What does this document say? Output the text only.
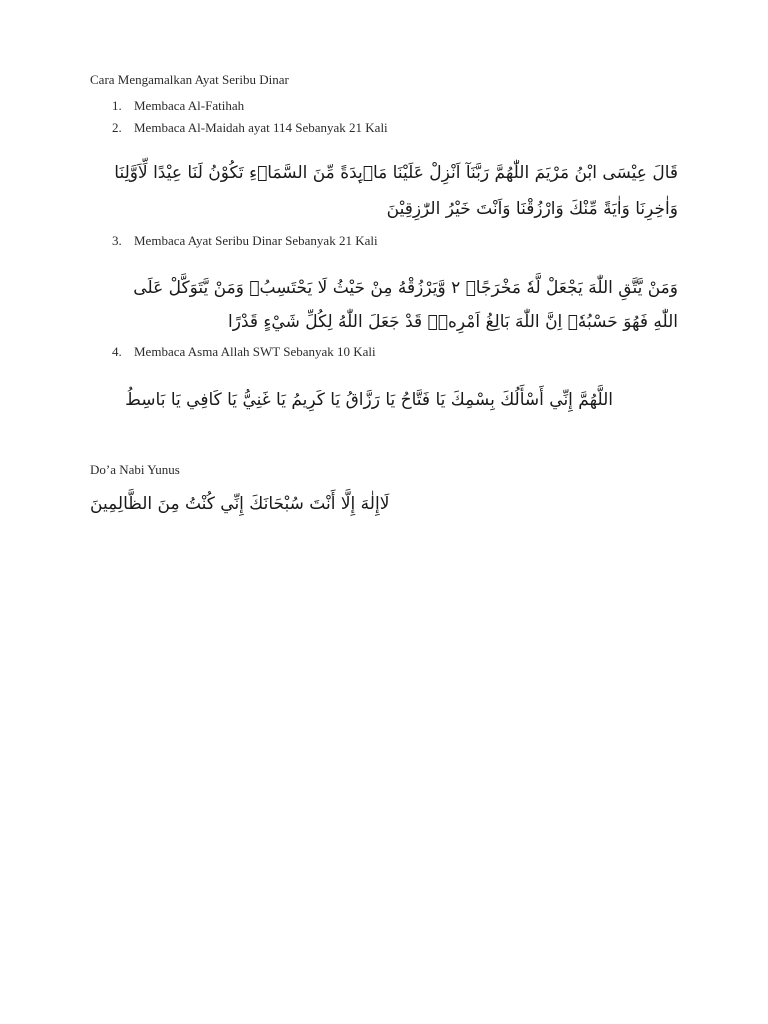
Cara Mengamalkan Ayat Seribu Dinar
1. Membaca Al-Fatihah
2. Membaca Al-Maidah ayat 114 Sebanyak 21 Kali
قَالَ عِيْسَى ابْنُ مَرْيَمَ اللّٰهُمَّ رَبَّنَآ اَنْزِلْ عَلَيْنَا مَاۤىِٕدَةً مِّنَ السَّمَاۤءِ تَكُوْنُ لَنَا عِيْدًا لِّاَوَّلِنَا
وَاٰخِرِنَا وَاٰيَةً مِّنْكَ وَارْزُقْنَا وَاَنْتَ خَيْرُ الرّٰزِقِيْنَ
3. Membaca Ayat Seribu Dinar Sebanyak 21 Kali
وَمَنْ يَّتَّقِ اللّٰهَ يَجْعَلْ لَّهٗ مَخْرَجًاۙ ٢ وَّيَرْزُقْهُ مِنْ حَيْثُ لَا يَحْتَسِبُۗ وَمَنْ يَّتَوَكَّلْ عَلَى
اللّٰهِ فَهُوَ حَسْبُهٗۗ اِنَّ اللّٰهَ بَالِغُ اَمْرِهٖۗ قَدْ جَعَلَ اللّٰهُ لِكُلِّ شَيْءٍ قَدْرًا
4. Membaca Asma Allah SWT Sebanyak 10 Kali
اللَّهُمَّ إِنِّي أَسْأَلُكَ بِسْمِكَ يَا فَتَّاحُ يَا رَزَّاقُ يَا كَرِيمُ يَا غَنِيُّ يَا كَافِي يَا بَاسِطُ
Do’a Nabi Yunus
لَاإِلٰهَ إِلَّا أَنْتَ سُبْحَانَكَ إِنِّي كُنْتُ مِنَ الظَّالِمِينَ
